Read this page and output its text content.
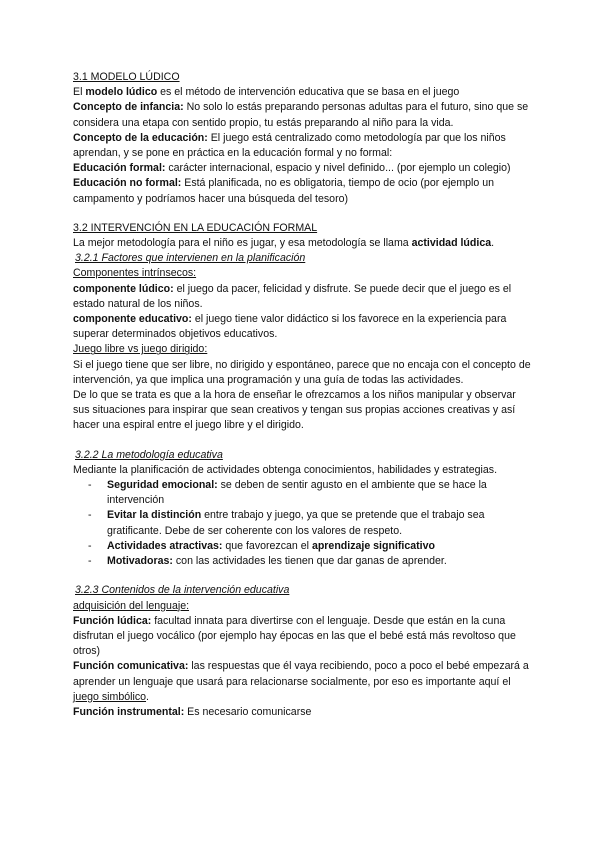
3.1 MODELO LÚDICO

El modelo lúdico es el método de intervención educativa que se basa en el juego

Concepto de infancia: No solo lo estás preparando personas adultas para el futuro, sino que se considera una etapa con sentido propio, tu estás preparando al niño para la vida.

Concepto de la educación: El juego está centralizado como metodología par que los niños aprendan, y se pone en práctica en la educación formal y no formal:

Educación formal: carácter internacional, espacio y nivel definido... (por ejemplo un colegio)

Educación no formal: Está planificada, no es obligatoria, tiempo de ocio (por ejemplo un campamento y podríamos hacer una búsqueda del tesoro)

3.2 INTERVENCIÓN EN LA EDUCACIÓN FORMAL

La mejor metodología para el niño es jugar, y esa metodología se llama actividad lúdica.

3.2.1 Factores que intervienen en la planificación

Componentes intrínsecos:

componente lúdico: el juego da pacer, felicidad y disfrute. Se puede decir que el juego es el estado natural de los niños.

componente educativo: el juego tiene valor didáctico si los favorece en la experiencia para superar determinados objetivos educativos.

Juego libre vs juego dirigido:

Si el juego tiene que ser libre, no dirigido y espontáneo, parece que no encaja con el concepto de intervención, ya que implica una programación y una guía de todas las actividades.

De lo que se trata es que a la hora de enseñar le ofrezcamos a los niños manipular y observar sus situaciones para inspirar que sean creativos y tengan sus propias acciones creativas y así hacer una espiral entre el juego libre y el dirigido.

3.2.2 La metodología educativa

Mediante la planificación de actividades obtenga conocimientos, habilidades y estrategias.

- Seguridad emocional: se deben de sentir agusto en el ambiente que se hace la intervención
- Evitar la distinción entre trabajo y juego, ya que se pretende que el trabajo sea gratificante. Debe de ser coherente con los valores de respeto.
- Actividades atractivas: que favorezcan el aprendizaje significativo
- Motivadoras: con las actividades les tienen que dar ganas de aprender.

3.2.3 Contenidos de la intervención educativa

adquisición del lenguaje:

Función lúdica: facultad innata para divertirse con el lenguaje. Desde que están en la cuna disfrutan el juego vocálico (por ejemplo hay épocas en las que el bebé está más revoltoso que otros)

Función comunicativa: las respuestas que él vaya recibiendo, poco a poco el bebé empezará a aprender un lenguaje que usará para relacionarse socialmente, por eso es importante aquí el juego simbólico.

Función instrumental: Es necesario comunicarse
